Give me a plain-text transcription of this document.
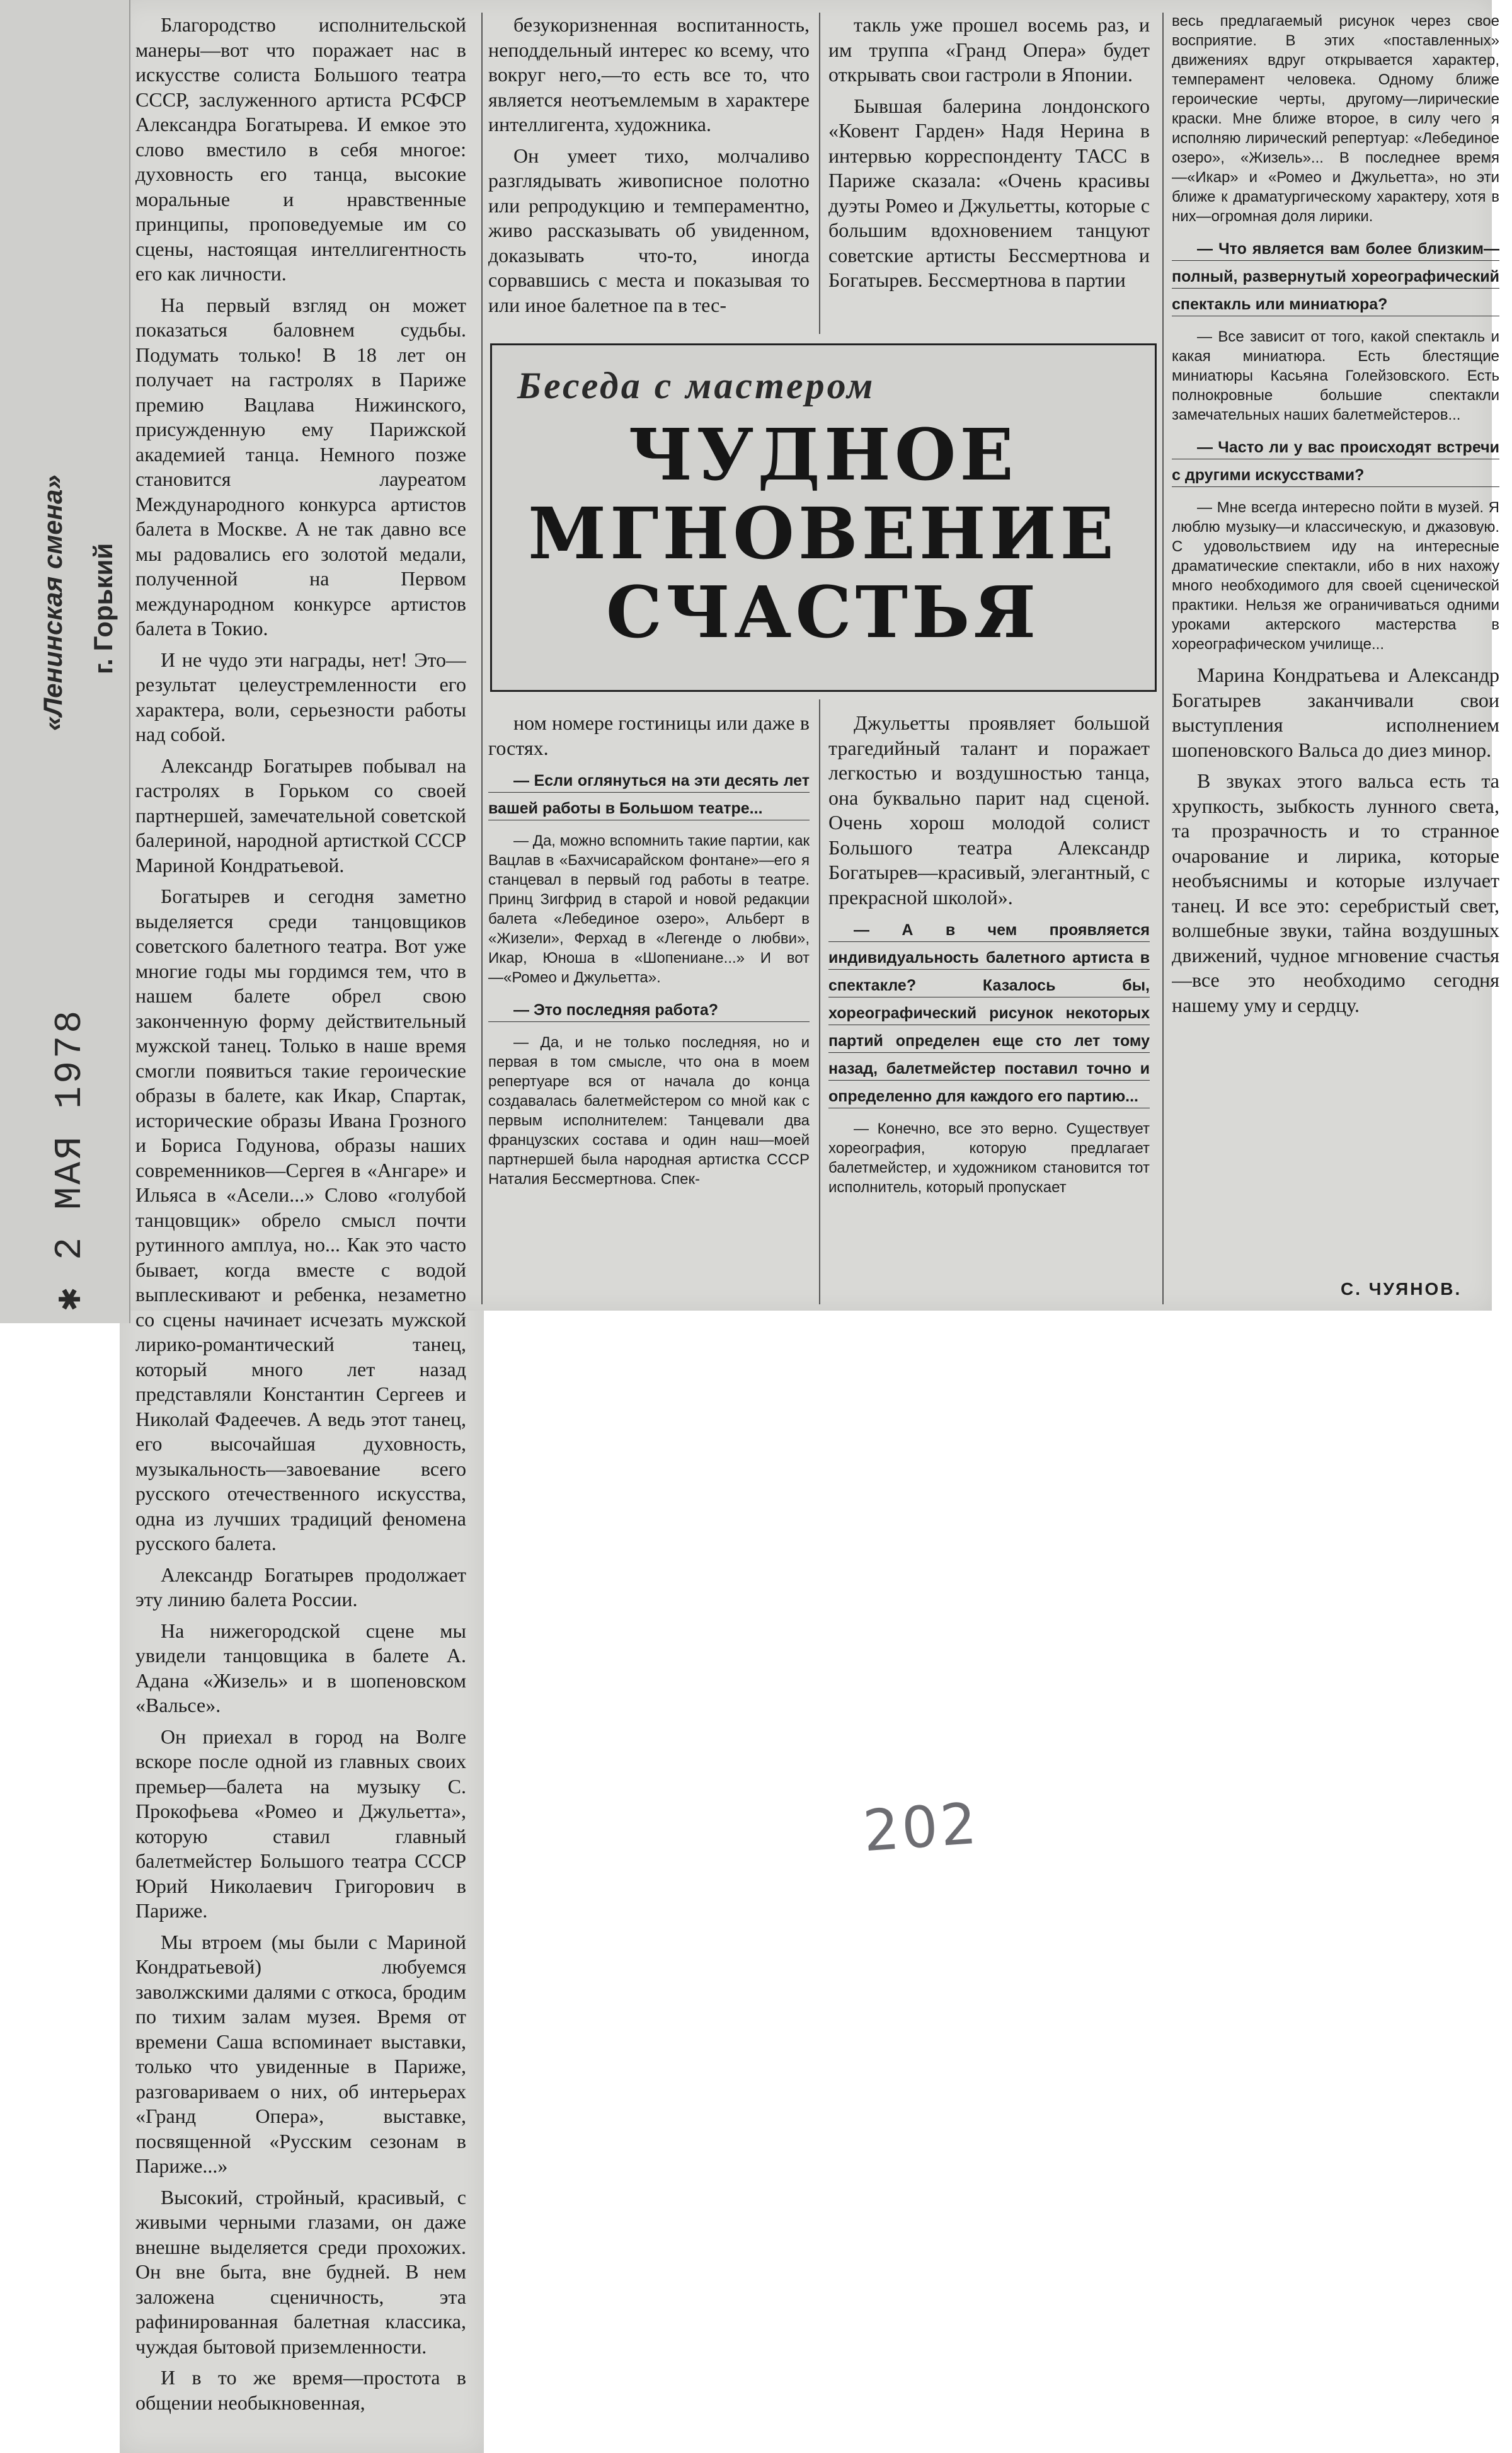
«Ленинская смена» г. Горький
✱ 2 МАЯ 1978

Благородство исполнительской манеры—вот что поражает нас в искусстве солиста Большого театра СССР, заслуженного артиста РСФСР Александра Богатырева. И емкое это слово вместило в себя многое: духовность его танца, высокие моральные и нравственные принципы, проповедуемые им со сцены, настоящая интеллигентность его как личности.

На первый взгляд он может показаться баловнем судьбы. Подумать только! В 18 лет он получает на гастролях в Париже премию Вацлава Нижинского, присужденную ему Парижской академией танца. Немного позже становится лауреатом Международного конкурса артистов балета в Москве. А не так давно все мы радовались его золотой медали, полученной на Первом международном конкурсе артистов балета в Токио.

И не чудо эти награды, нет! Это—результат целеустремленности его характера, воли, серьезности работы над собой.

Александр Богатырев побывал на гастролях в Горьком со своей партнершей, замечательной советской балериной, народной артисткой СССР Мариной Кондратьевой.

Богатырев и сегодня заметно выделяется среди танцовщиков советского балетного театра. Вот уже многие годы мы гордимся тем, что в нашем балете обрел свою законченную форму действительный мужской танец. Только в наше время смогли появиться такие героические образы в балете, как Икар, Спартак, исторические образы Ивана Грозного и Бориса Годунова, образы наших современников—Сергея в «Ангаре» и Ильяса в «Асели...» Слово «голубой танцовщик» обрело смысл почти рутинного амплуа, но... Как это часто бывает, когда вместе с водой выплескивают и ребенка, незаметно со сцены начинает исчезать мужской лирико-романтический танец, который много лет назад представляли Константин Сергеев и Николай Фадеечев. А ведь этот танец, его высочайшая духовность, музыкальность—завоевание всего русского отечественного искусства, одна из лучших традиций феномена русского балета.

Александр Богатырев продолжает эту линию балета России.

На нижегородской сцене мы увидели танцовщика в балете А. Адана «Жизель» и в шопеновском «Вальсе».

Он приехал в город на Волге вскоре после одной из главных своих премьер—балета на музыку С. Прокофьева «Ромео и Джульетта», которую ставил главный балетмейстер Большого театра СССР Юрий Николаевич Григорович в Париже.

Мы втроем (мы были с Мариной Кондратьевой) любуемся заволжскими далями с откоса, бродим по тихим залам музея. Время от времени Саша вспоминает выставки, только что увиденные в Париже, разговариваем о них, об интерьерах «Гранд Опера», выставке, посвященной «Русским сезонам в Париже...»

Высокий, стройный, красивый, с живыми черными глазами, он даже внешне выделяется среди прохожих. Он вне быта, вне будней. В нем заложена сценичность, эта рафинированная балетная классика, чуждая бытовой приземленности.

И в то же время—простота в общении необыкновенная,

безукоризненная воспитанность, неподдельный интерес ко всему, что вокруг него,—то есть все то, что является неотъемлемым в характере интеллигента, художника.

Он умеет тихо, молчаливо разглядывать живописное полотно или репродукцию и темпераментно, живо рассказывать об увиденном, доказывать что-то, иногда сорвавшись с места и показывая то или иное балетное па в тес-

такль уже прошел восемь раз, и им труппа «Гранд Опера» будет открывать свои гастроли в Японии.

Бывшая балерина лондонского «Ковент Гарден» Надя Нерина в интервью корреспонденту ТАСС в Париже сказала: «Очень красивы дуэты Ромео и Джульетты, которые с большим вдохновением танцуют советские артисты Бессмертнова и Богатырев. Бессмертнова в партии

Беседа с мастером
ЧУДНОЕ
МГНОВЕНИЕ
СЧАСТЬЯ

ном номере гостиницы или даже в гостях.

— Если оглянуться на эти десять лет вашей работы в Большом театре...

— Да, можно вспомнить такие партии, как Вацлав в «Бахчисарайском фонтане»—его я станцевал в первый год работы в театре. Принц Зигфрид в старой и новой редакции балета «Лебединое озеро», Альберт в «Жизели», Ферхад в «Легенде о любви», Икар, Юноша в «Шопениане...» И вот—«Ромео и Джульетта».

— Это последняя работа?

— Да, и не только последняя, но и первая в том смысле, что она в моем репертуаре вся от начала до конца создавалась балетмейстером со мной как с первым исполнителем: Танцевали два французских состава и один наш—моей партнершей была народная артистка СССР Наталия Бессмертнова. Спек-

Джульетты проявляет большой трагедийный талант и поражает легкостью и воздушностью танца, она буквально парит над сценой. Очень хорош молодой солист Большого театра Александр Богатырев—красивый, элегантный, с прекрасной школой».

— А в чем проявляется индивидуальность балетного артиста в спектакле? Казалось бы, хореографический рисунок некоторых партий определен еще сто лет тому назад, балетмейстер поставил точно и определенно для каждого его партию...

— Конечно, все это верно. Существует хореография, которую предлагает балетмейстер, и художником становится тот исполнитель, который пропускает

весь предлагаемый рисунок через свое восприятие. В этих «поставленных» движениях вдруг открывается характер, темперамент человека. Одному ближе героические черты, другому—лирические краски. Мне ближе второе, в силу чего я исполняю лирический репертуар: «Лебединое озеро», «Жизель»... В последнее время—«Икар» и «Ромео и Джульетта», но эти ближе к драматургическому характеру, хотя в них—огромная доля лирики.

— Что является вам более близким—полный, развернутый хореографический спектакль или миниатюра?

— Все зависит от того, какой спектакль и какая миниатюра. Есть блестящие миниатюры Касьяна Голейзовского. Есть полнокровные большие спектакли замечательных наших балетмейстеров...

— Часто ли у вас происходят встречи с другими искусствами?

— Мне всегда интересно пойти в музей. Я люблю музыку—и классическую, и джазовую. С удовольствием иду на интересные драматические спектакли, ибо в них нахожу много необходимого для своей сценической практики. Нельзя же ограничиваться одними уроками актерского мастерства в хореографическом училище...

Марина Кондратьева и Александр Богатырев заканчивали свои выступления исполнением шопеновского Вальса до диез минор.

В звуках этого вальса есть та хрупкость, зыбкость лунного света, та прозрачность и то странное очарование и лирика, которые необъяснимы и которые излучает танец. И все это: серебристый свет, волшебные звуки, тайна воздушных движений, чудное мгновение счастья—все это необходимо сегодня нашему уму и сердцу.

С. ЧУЯНОВ.
202
